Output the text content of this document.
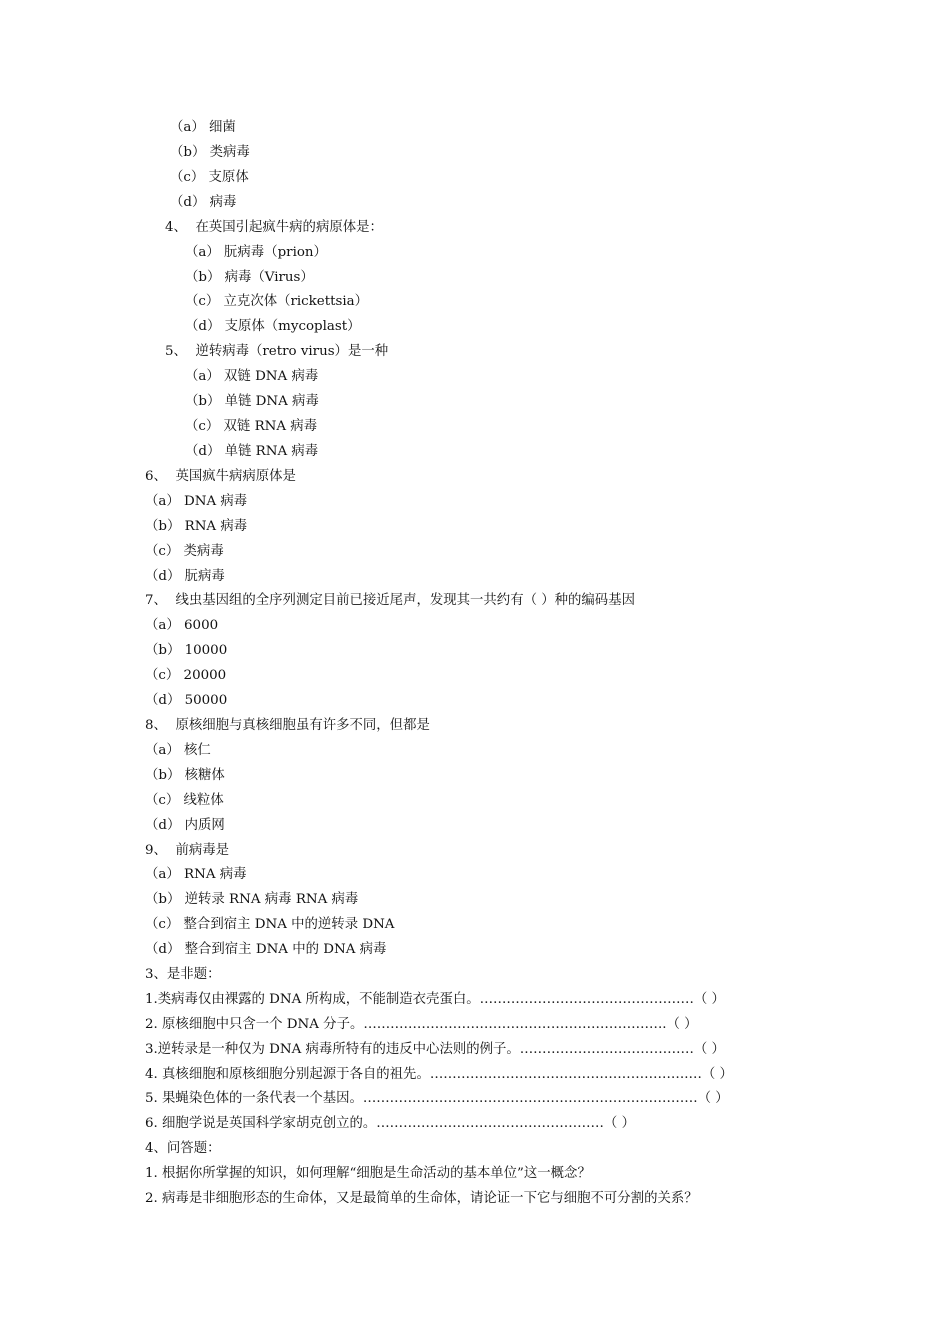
（a） 细菌
（b） 类病毒
（c） 支原体
（d） 病毒
4、 在英国引起疯牛病的病原体是：
（a） 朊病毒（prion）
（b） 病毒（Virus）
（c） 立克次体（rickettsia）
（d） 支原体（mycoplast）
5、 逆转病毒（retro virus）是一种
（a） 双链 DNA 病毒
（b） 单链 DNA 病毒
（c） 双链 RNA 病毒
（d） 单链 RNA 病毒
6、 英国疯牛病病原体是
（a） DNA 病毒
（b） RNA 病毒
（c） 类病毒
（d） 朊病毒
7、 线虫基因组的全序列测定目前已接近尾声，发现其一共约有（ ）种的编码基因
（a） 6000
（b） 10000
（c） 20000
（d） 50000
8、 原核细胞与真核细胞虽有许多不同，但都是
（a） 核仁
（b） 核糖体
（c） 线粒体
（d） 内质网
9、 前病毒是
（a） RNA 病毒
（b） 逆转录 RNA 病毒 RNA 病毒
（c） 整合到宿主 DNA 中的逆转录 DNA
（d） 整合到宿主 DNA 中的 DNA 病毒
3、是非题：
1.类病毒仅由裸露的 DNA 所构成，不能制造衣壳蛋白。…………………………………………（ ）
2. 原核细胞中只含一个 DNA 分子。…………………………………………………………..（ ）
3.逆转录是一种仅为 DNA 病毒所特有的违反中心法则的例子。…………………………………（ ）
4. 真核细胞和原核细胞分别起源于各自的祖先。………………………………………………….…（ ）
5. 果蝇染色体的一条代表一个基因。…………………………………………………………………（ ）
6. 细胞学说是英国科学家胡克创立的。……………………………………………（ ）
4、问答题：
1. 根据你所掌握的知识，如何理解“细胞是生命活动的基本单位”这一概念？
2. 病毒是非细胞形态的生命体，又是最简单的生命体，请论证一下它与细胞不可分割的关系？
